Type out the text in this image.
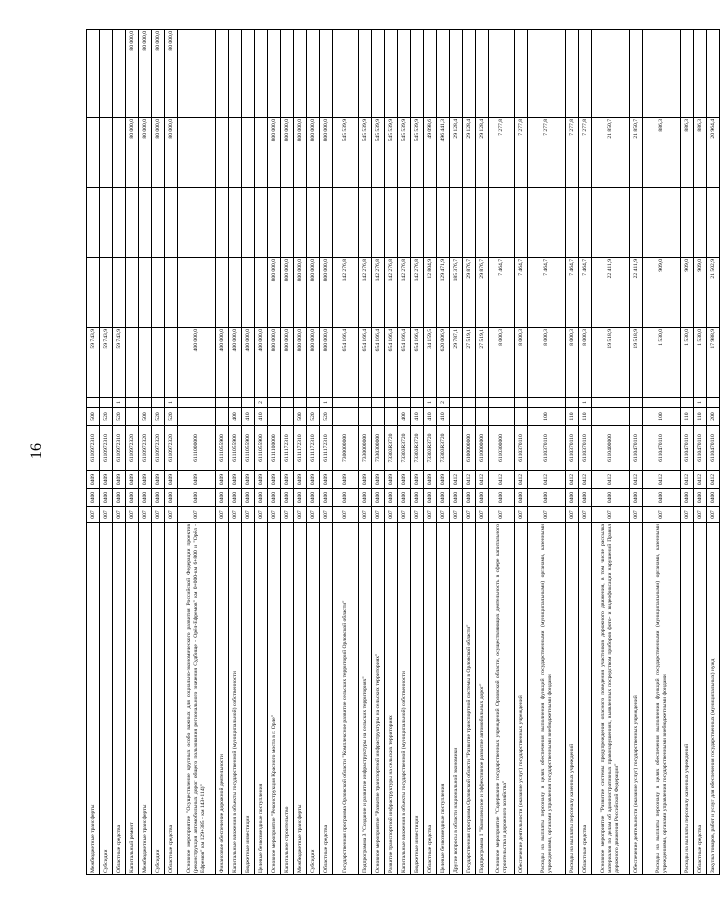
16
Межбюджетные трансферты	007	0400	0409	6110972310	500		59 743,9				
Субсидии	007	0400	0409	6110972310	520		59 743,9				
Областные средства	007	0400	0409	6110972310	520	1	59 743,9				
Капитальный ремонт	007	0400	0409	6110972320						80 000,0	80 000,0
Межбюджетные трансферты	007	0400	0409	6110972320	500					80 000,0	80 000,0
Субсидии	007	0400	0409	6110972320	520					80 000,0	80 000,0
Областные средства	007	0400	0409	6110972320	520	1				80 000,0	80 000,0
Основное мероприятие "Осуществление крупных особо важных для социально-экономического развития Российской Федерации проектов (реконструкция автомобильных дорог общего пользования регионального значения Судбище - Орёл-Ефремов" км 0+000-км 6+800 и "Орёл - Ефремов" км 129+385 - км 143+114)"	007	0400	0409	6111000000			400 000,0				
Финансовое обеспечение дорожной деятельности	007	0400	0409	6111055900			400 000,0				
Капитальные вложения в объекты государственной (муниципальной) собственности	007	0400	0409	6111055900	400		400 000,0				
Бюджетные инвестиции	007	0400	0409	6111055900	410		400 000,0				
Целевые безвозмездные поступления	007	0400	0409	6111055900	410	2	400 000,0				
Основное мероприятие "Реконструкция Красного моста в г. Орле"	007	0400	0409	6111100000			800 000,0	800 000,0		800 000,0	
Капитальное строительство	007	0400	0409	6111172310			800 000,0	800 000,0		800 000,0	
Межбюджетные трансферты	007	0400	0409	6111172310	500		800 000,0	800 000,0		800 000,0	
Субсидии	007	0400	0409	6111172310	520		800 000,0	800 000,0		800 000,0	
Областные средства	007	0400	0409	6111172310	520	1	800 000,0	800 000,0		800 000,0	
Государственная программа Орловской области "Комплексное развитие сельских территорий Орловской области"	007	0400	0409	7300000000			654 166,4	142 276,8		545 539,9	
Подпрограмма 3 "Создание и развитие инфраструктуры на сельских территориях"	007	0400	0409	7330000000			654 166,4	142 276,8		545 539,9	
Основное мероприятие "Развитие транспортной инфраструктуры на сельских территориях"	007	0400	0409	7330300000			654 166,4	142 276,8		545 539,9	
Развитие транспортной инфраструктуры на сельских территориях	007	0400	0409	73303R3720			654 166,4	142 276,8		545 539,9	
Капитальные вложения в объекты государственной (муниципальной) собственности	007	0400	0409	73303R3720	400		654 166,4	142 276,8		545 539,9	
Бюджетные инвестиции	007	0400	0409	73303R3720	410		654 166,4	142 276,8		545 539,9	
Областные средства	007	0400	0409	73303R3720	410	1	34 159,5	12 804,9		49 098,6	
Целевые безвозмездные поступления	007	0400	0409	73303R3720	410	2	620 006,9	129 471,9		496 441,3	
Другие вопросы в области национальной экономики	007	0400	0412				29 787,1	185 376,7		29 128,4	
Государственная программа Орловской области "Развитие транспортной системы в Орловской области"	007	0400	0412	6100000000			27 519,1	29 876,7		29 128,4	
Подпрограмма 1 "Комплексное и эффективное развитие автомобильных дорог"	007	0400	0412	6110000000			27 519,1	29 876,7		29 128,4	
Основное мероприятие "Содержание государственных учреждений Орловской области, осуществляющих деятельность в сфере капитального строительства и дорожного хозяйства"	007	0400	0412	6110300000			8 000,3	7 464,7		7 277,8	
Обеспечение деятельности (оказание услуг) государственных учреждений	007	0400	0412	6110370110			8 000,3	7 464,7		7 277,8	
Расходы на выплаты персоналу в целях обеспечения выполнения функций государственными (муниципальными) органами, казенными учреждениями, органами управления государственными внебюджетными фондами	007	0400	0412	6110370110	100		8 000,3	7 464,7		7 277,8	
Расходы на выплаты персоналу казенных учреждений	007	0400	0412	6110370110	110		8 000,3	7 464,7		7 277,8	
Областные средства	007	0400	0412	6110370110	110	1	8 000,3	7 464,7		7 277,8	
Основное мероприятие "Развитие системы предупреждения опасного поведения участников дорожного движения, в том числе рассылка материалов по делам об административных правонарушениях, выявленных посредством приборов фото- и видеофиксации нарушений Правил дорожного движения Российской Федерации"	007	0400	0412	6110400000			19 518,9	22 411,9		21 850,7	
Обеспечение деятельности (оказание услуг) государственных учреждений	007	0400	0412	6110470110			19 518,9	22 411,9		21 850,7	
Расходы на выплаты персоналу в целях обеспечения выполнения функций государственными (муниципальными) органами, казенными учреждениями, органами управления государственными внебюджетными фондами	007	0400	0412	6110470110	100		1 530,0	909,0		886,3	
Расходы на выплаты персоналу казенных учреждений	007	0400	0412	6110470110	110		1 530,0	909,0		886,3	
Областные средства	007	0400	0412	6110470110	110	1	1 530,0	909,0		886,3	
Закупка товаров, работ и услуг для обеспечения государственных (муниципальных) нужд	007	0400	0412	6110470110	200		17 988,9	21 502,9		20 964,4	
